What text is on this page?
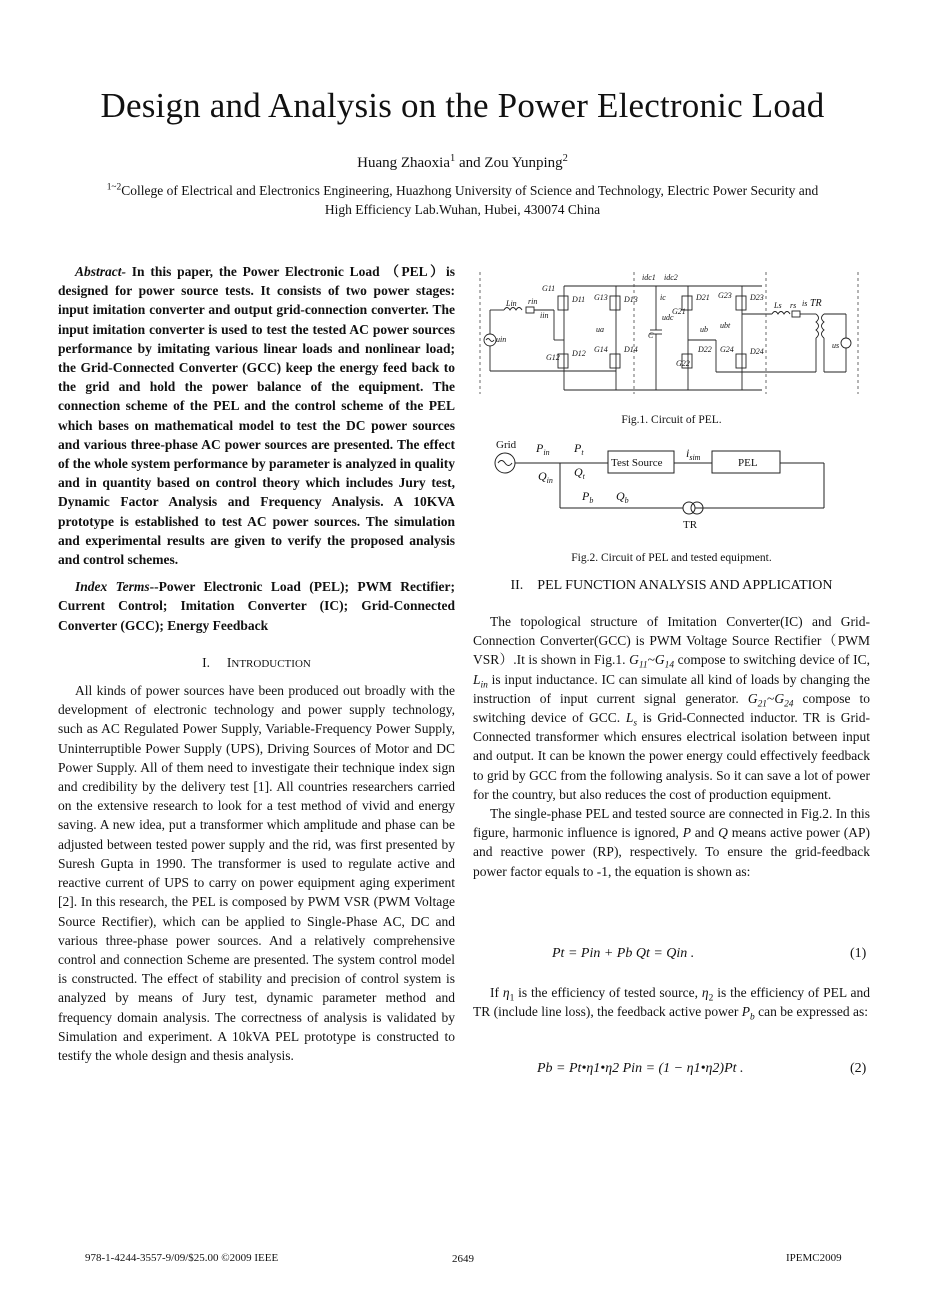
Design and Analysis on the Power Electronic Load
Huang Zhaoxia$^1$ and Zou Yunping$^2$
$^{1\sim 2}$College of Electrical and Electronics Engineering, Huazhong University of Science and Technology, Electric Power Security and
High Efficiency Lab.Wuhan, Hubei, 430074 China

Abstract- In this paper, the Power Electronic Load （PEL）is designed for power source tests. It consists of two power stages: input imitation converter and output grid-connection converter. The input imitation converter is used to test the tested AC power sources performance by imitating various linear loads and nonlinear load; the Grid-Connected Converter (GCC) keep the energy feed back to the grid and hold the power balance of the equipment. The connection scheme of the PEL and the control scheme of the PEL which bases on mathematical model to test the DC power sources and various three-phase AC power sources are presented. The effect of the whole system performance by parameter is analyzed in quality and in quantity based on control theory which includes Jury test, Dynamic Factor Analysis and Frequency Analysis. A 10KVA prototype is established to test AC power sources. The simulation and experimental results are given to verify the proposed analysis and control schemes.

Index Terms--Power Electronic Load (PEL); PWM Rectifier; Current Control; Imitation Converter (IC); Grid-Connected Converter (GCC); Energy Feedback

I. INTRODUCTION

All kinds of power sources have been produced out broadly with the development of electronic technology and power supply technology, such as AC Regulated Power Supply, Variable-Frequency Power Supply, Uninterruptible Power Supply (UPS), Driving Sources of Motor and DC Power Supply. All of them need to investigate their technique index sign and credibility by the delivery test [1]. All countries researchers carried on the extensive research to look for a test method of vivid and energy saving. A new idea, put a transformer which amplitude and phase can be adjusted between tested power supply and the rid, was first presented by Suresh Gupta in 1990. The transformer is used to regulate active and reactive current of UPS to carry on power equipment aging experiment [2]. In this research, the PEL is composed by PWM VSR (PWM Voltage Source Rectifier), which can be applied to Single-Phase AC, DC and various three-phase power sources. And a relatively comprehensive control and connection Scheme are presented. The system control model is constructed. The effect of stability and precision of control system is analyzed by means of Jury test, dynamic parameter method and frequency domain analysis. The correctness of analysis is validated by Simulation and experiment. A 10kVA PEL prototype is constructed to testify the whole design and thesis analysis.

G11
D11 G13 D13
G12 D12 G14 D14
G21
D21 G23 D23
G22
D22 G24 D24
idc1 idc2
Lin rin
iin
uin	C
udc
ic
Ls rs is TR
us
ua	ub ubt
Fig.1. Circuit of PEL.
Grid
Test Source	PEL
TR
$P_{in}$
$Q_{in}$
$P_t$
$Q_t$
$P_b$ $Q_b$
$i_{sim}$
Fig.2. Circuit of PEL and tested equipment.
II. PEL FUNCTION ANALYSIS AND APPLICATION

The topological structure of Imitation Converter(IC) and Grid-Connection Converter(GCC) is PWM Voltage Source Rectifier（PWM VSR）.It is shown in Fig.1. $G_{11}\sim G_{14}$ compose to switching device of IC, $L_{in}$ is input inductance. IC can simulate all kind of loads by changing the instruction of input current signal generator. $G_{21}\sim G_{24}$ compose to switching device of GCC. $L_s$ is Grid-Connected inductor. TR is Grid-Connected transformer which ensures electrical isolation between input and output. It can be known the power energy could effectively feedback to grid by GCC from the following analysis. So it can save a lot of power for the country, but also reduces the cost of production equipment.

The single-phase PEL and tested source are connected in Fig.2. In this figure, harmonic influence is ignored, P and Q means active power (AP) and reactive power (RP), respectively. To ensure the grid-feedback power factor equals to -1, the equation is shown as:

Pt = Pin + Pb Qt = Qin .	(1)

If $\eta_1$ is the efficiency of tested source, $\eta_2$ is the efficiency of PEL and TR (include line loss), the feedback active power $P_b$ can be expressed as:

Pb = Pt•η1•η2 Pin = (1 − η1•η2)Pt .	(2)
978-1-4244-3557-9/09/$25.00 ©2009 IEEE	2649	IPEMC2009
